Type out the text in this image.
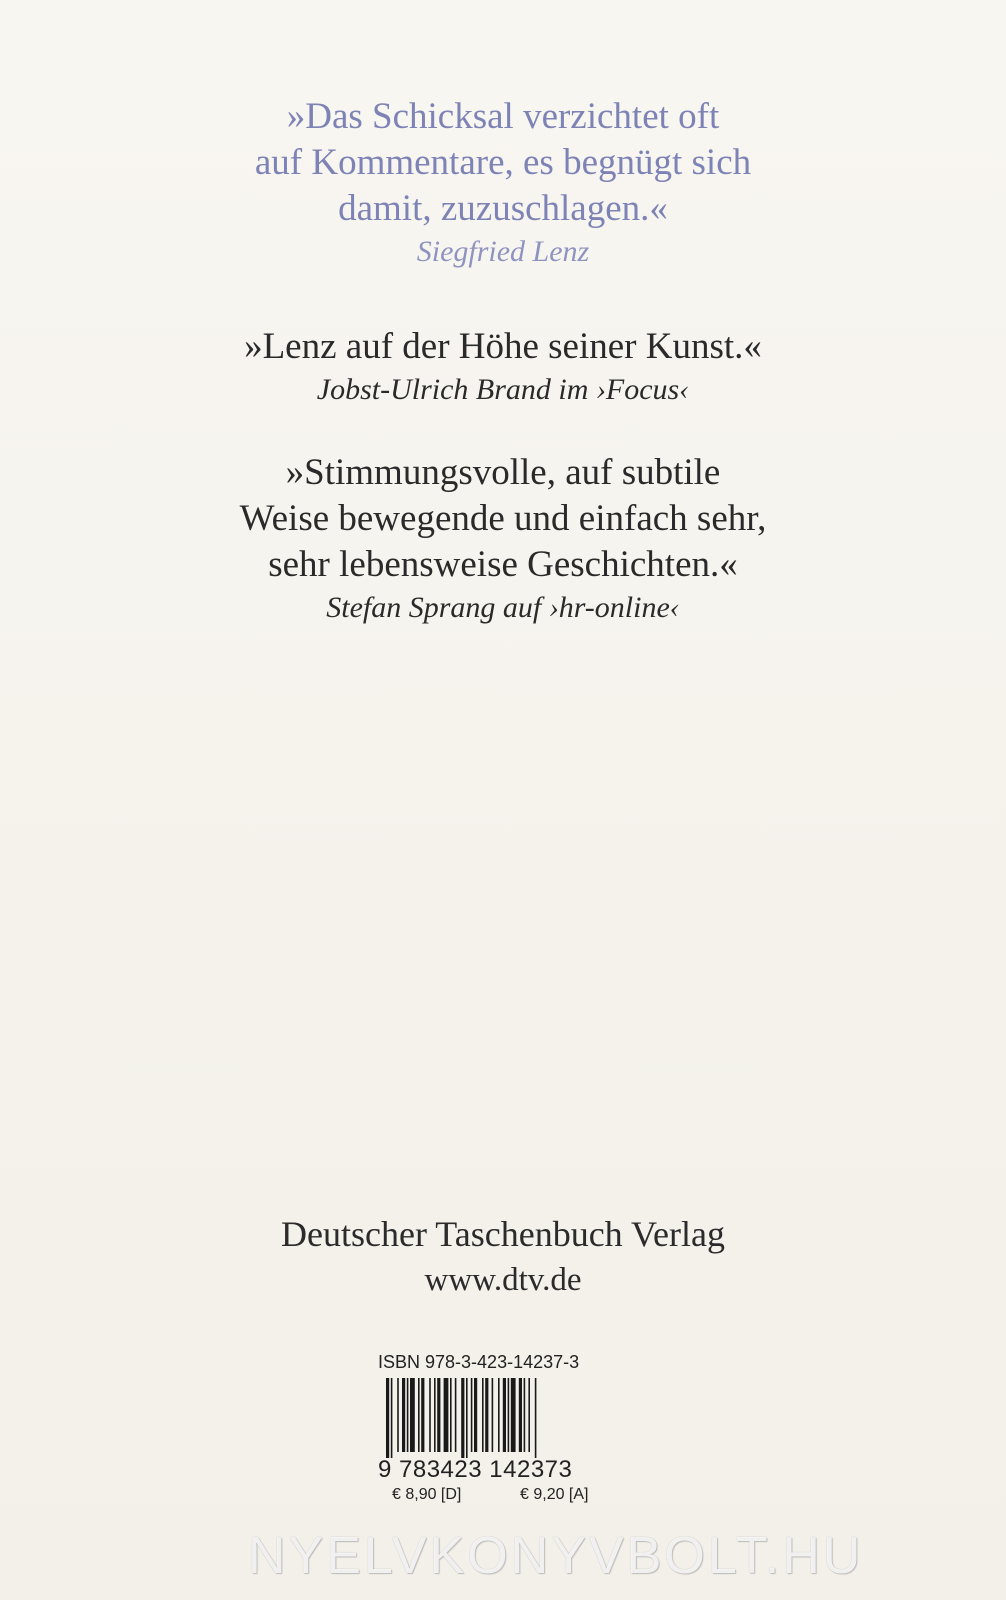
»Das Schicksal verzichtet oft

auf Kommentare, es begnügt sich

damit, zuzuschlagen.«

Siegfried Lenz

»Lenz auf der Höhe seiner Kunst.«

Jobst-Ulrich Brand im ›Focus‹

»Stimmungsvolle, auf subtile

Weise bewegende und einfach sehr,

sehr lebensweise Geschichten.«

Stefan Sprang auf ›hr-online‹

Deutscher Taschenbuch Verlag

www.dtv.de

ISBN 978-3-423-14237-3
9 783423 142373
€ 8,90 [D]	€ 9,20 [A]
NYELVKONYVBOLT.HU
